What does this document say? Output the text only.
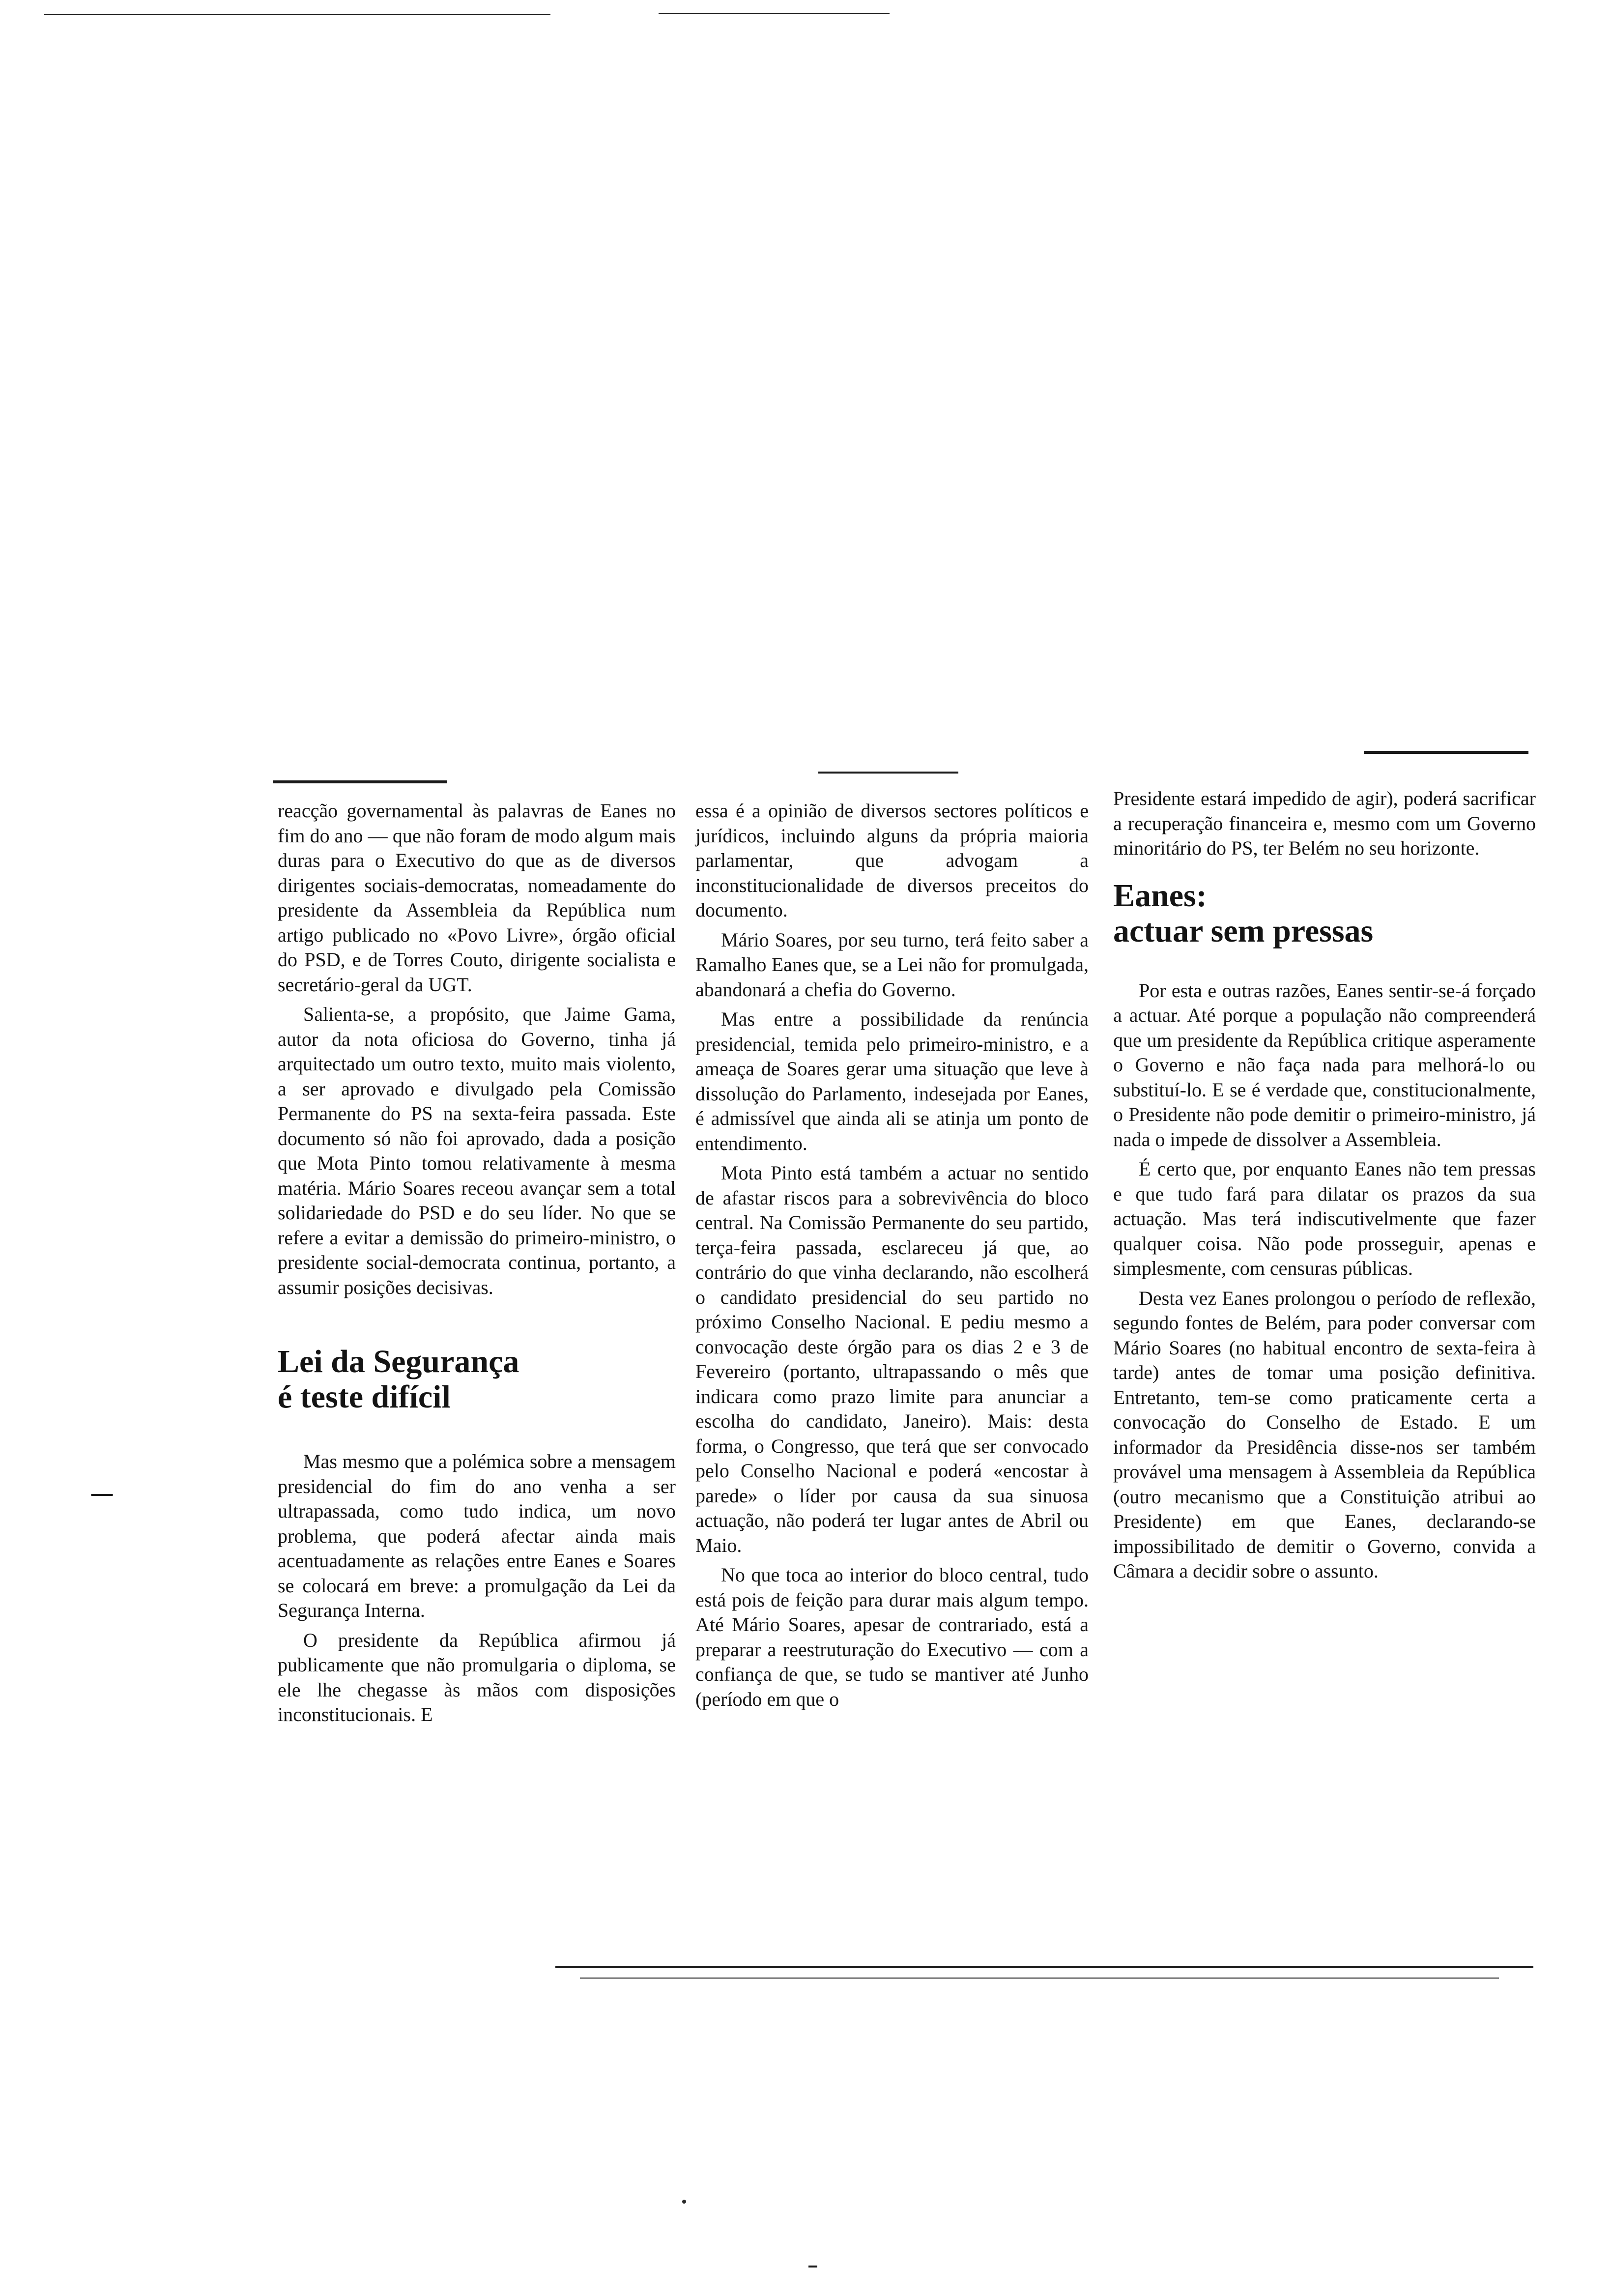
reacção governamental às palavras de Eanes no fim do ano — que não foram de modo algum mais duras para o Executivo do que as de diversos dirigentes sociais-democratas, nomeadamente do presidente da Assembleia da República num artigo publicado no «Povo Livre», órgão oficial do PSD, e de Torres Couto, dirigente socialista e secretário-geral da UGT.

Salienta-se, a propósito, que Jaime Gama, autor da nota oficiosa do Governo, tinha já arquitectado um outro texto, muito mais violento, a ser aprovado e divulgado pela Comissão Permanente do PS na sexta-feira passada. Este documento só não foi aprovado, dada a posição que Mota Pinto tomou relativamente à mesma matéria. Mário Soares receou avançar sem a total solidariedade do PSD e do seu líder. No que se refere a evitar a demissão do primeiro-ministro, o presidente social-democrata continua, portanto, a assumir posições decisivas.

Lei da Segurança
é teste difícil

Mas mesmo que a polémica sobre a mensagem presidencial do fim do ano venha a ser ultrapassada, como tudo indica, um novo problema, que poderá afectar ainda mais acentuadamente as relações entre Eanes e Soares se colocará em breve: a promulgação da Lei da Segurança Interna.

O presidente da República afirmou já publicamente que não promulgaria o diploma, se ele lhe chegasse às mãos com disposições inconstitucionais. E

essa é a opinião de diversos sectores políticos e jurídicos, incluindo alguns da própria maioria parlamentar, que advogam a inconstitucionalidade de diversos preceitos do documento.

Mário Soares, por seu turno, terá feito saber a Ramalho Eanes que, se a Lei não for promulgada, abandonará a chefia do Governo.

Mas entre a possibilidade da renúncia presidencial, temida pelo primeiro-ministro, e a ameaça de Soares gerar uma situação que leve à dissolução do Parlamento, indesejada por Eanes, é admissível que ainda ali se atinja um ponto de entendimento.

Mota Pinto está também a actuar no sentido de afastar riscos para a sobrevivência do bloco central. Na Comissão Permanente do seu partido, terça-feira passada, esclareceu já que, ao contrário do que vinha declarando, não escolherá o candidato presidencial do seu partido no próximo Conselho Nacional. E pediu mesmo a convocação deste órgão para os dias 2 e 3 de Fevereiro (portanto, ultrapassando o mês que indicara como prazo limite para anunciar a escolha do candidato, Janeiro). Mais: desta forma, o Congresso, que terá que ser convocado pelo Conselho Nacional e poderá «encostar à parede» o líder por causa da sua sinuosa actuação, não poderá ter lugar antes de Abril ou Maio.

No que toca ao interior do bloco central, tudo está pois de feição para durar mais algum tempo. Até Mário Soares, apesar de contrariado, está a preparar a reestruturação do Executivo — com a confiança de que, se tudo se mantiver até Junho (período em que o

Presidente estará impedido de agir), poderá sacrificar a recuperação financeira e, mesmo com um Governo minoritário do PS, ter Belém no seu horizonte.

Eanes:
actuar sem pressas

Por esta e outras razões, Eanes sentir-se-á forçado a actuar. Até porque a população não compreenderá que um presidente da República critique asperamente o Governo e não faça nada para melhorá-lo ou substituí-lo. E se é verdade que, constitucionalmente, o Presidente não pode demitir o primeiro-ministro, já nada o impede de dissolver a Assembleia.

É certo que, por enquanto Eanes não tem pressas e que tudo fará para dilatar os prazos da sua actuação. Mas terá indiscutivelmente que fazer qualquer coisa. Não pode prosseguir, apenas e simplesmente, com censuras públicas.

Desta vez Eanes prolongou o período de reflexão, segundo fontes de Belém, para poder conversar com Mário Soares (no habitual encontro de sexta-feira à tarde) antes de tomar uma posição definitiva. Entretanto, tem-se como praticamente certa a convocação do Conselho de Estado. E um informador da Presidência disse-nos ser também provável uma mensagem à Assembleia da República (outro mecanismo que a Constituição atribui ao Presidente) em que Eanes, declarando-se impossibilitado de demitir o Governo, convida a Câmara a decidir sobre o assunto.
